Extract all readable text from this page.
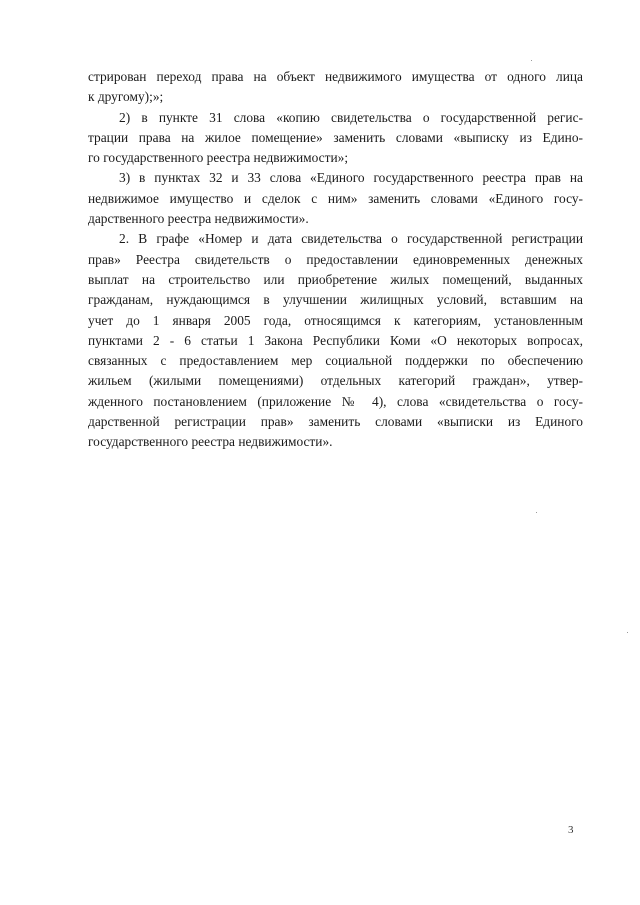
стрирован переход права на объект недвижимого имущества от одного лица
к другому);»;
2) в пункте 31 слова «копию свидетельства о государственной регис-
трации права на жилое помещение» заменить словами «выписку из Едино-
го государственного реестра недвижимости»;
3) в пунктах 32 и 33 слова «Единого государственного реестра прав на
недвижимое имущество и сделок с ним» заменить словами «Единого госу-
дарственного реестра недвижимости».
2. В графе «Номер и дата свидетельства о государственной регистрации
прав» Реестра свидетельств о предоставлении единовременных денежных
выплат на строительство или приобретение жилых помещений, выданных
гражданам, нуждающимся в улучшении жилищных условий, вставшим на
учет до 1 января 2005 года, относящимся к категориям, установленным
пунктами 2 - 6 статьи 1 Закона Республики Коми «О некоторых вопросах,
связанных с предоставлением мер социальной поддержки по обеспечению
жильем (жилыми помещениями) отдельных категорий граждан», утвер-
жденного постановлением (приложение № 4), слова «свидетельства о госу-
дарственной регистрации прав» заменить словами «выписки из Единого
государственного реестра недвижимости».
3
